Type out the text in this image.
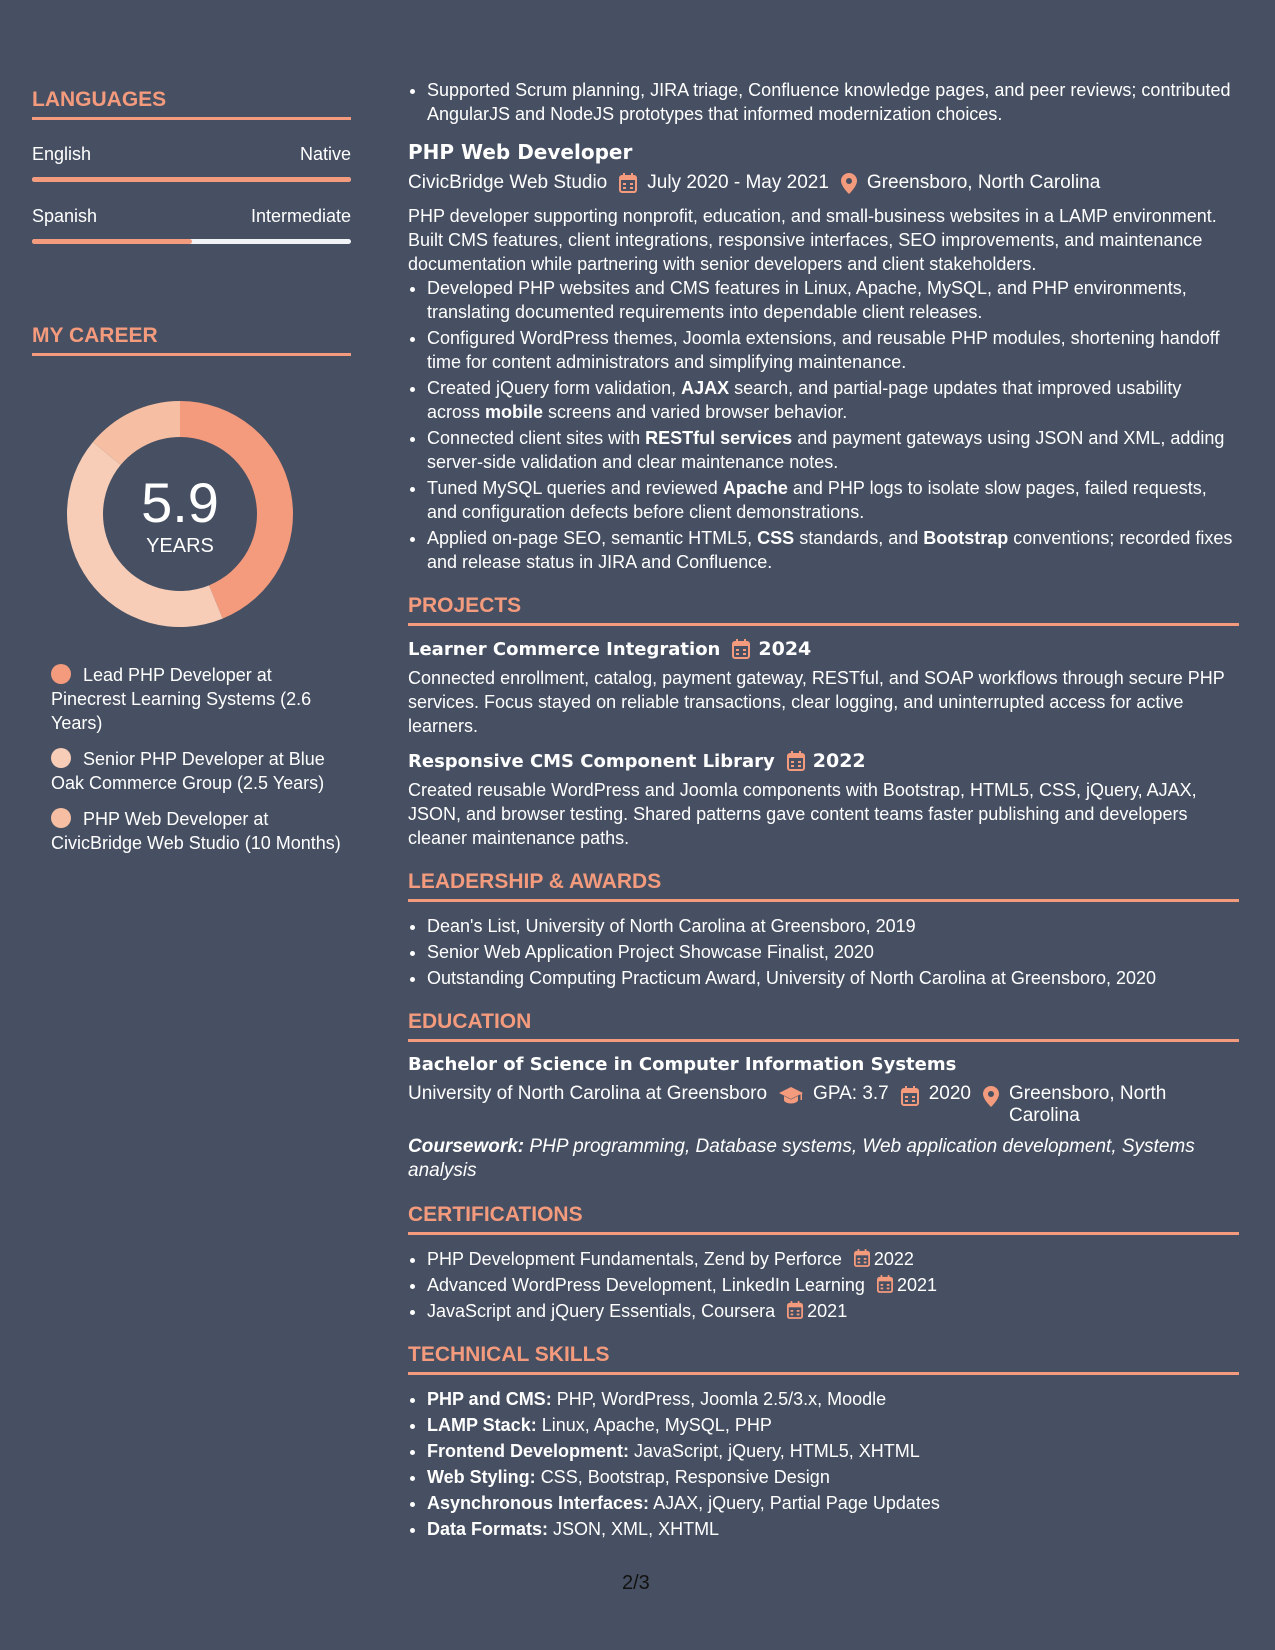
LANGUAGES
English	Native
Spanish	Intermediate
MY CAREER
5.9
YEARS
Lead PHP Developer at Pinecrest Learning Systems (2.6 Years)
Senior PHP Developer at Blue Oak Commerce Group (2.5 Years)
PHP Web Developer at CivicBridge Web Studio (10 Months)
• Supported Scrum planning, JIRA triage, Confluence knowledge pages, and peer reviews; contributed AngularJS and NodeJS prototypes that informed modernization choices.
PHP Web Developer
CivicBridge Web Studio July 2020 - May 2021 Greensboro, North Carolina
PHP developer supporting nonprofit, education, and small-business websites in a LAMP environment. Built CMS features, client integrations, responsive interfaces, SEO improvements, and maintenance documentation while partnering with senior developers and client stakeholders.
• Developed PHP websites and CMS features in Linux, Apache, MySQL, and PHP environments, translating documented requirements into dependable client releases.
• Configured WordPress themes, Joomla extensions, and reusable PHP modules, shortening handoff time for content administrators and simplifying maintenance.
• Created jQuery form validation, AJAX search, and partial-page updates that improved usability across mobile screens and varied browser behavior.
• Connected client sites with RESTful services and payment gateways using JSON and XML, adding server-side validation and clear maintenance notes.
• Tuned MySQL queries and reviewed Apache and PHP logs to isolate slow pages, failed requests, and configuration defects before client demonstrations.
• Applied on-page SEO, semantic HTML5, CSS standards, and Bootstrap conventions; recorded fixes and release status in JIRA and Confluence.
PROJECTS
Learner Commerce Integration 2024
Connected enrollment, catalog, payment gateway, RESTful, and SOAP workflows through secure PHP services. Focus stayed on reliable transactions, clear logging, and uninterrupted access for active learners.
Responsive CMS Component Library 2022
Created reusable WordPress and Joomla components with Bootstrap, HTML5, CSS, jQuery, AJAX, JSON, and browser testing. Shared patterns gave content teams faster publishing and developers cleaner maintenance paths.
LEADERSHIP & AWARDS
• Dean's List, University of North Carolina at Greensboro, 2019
• Senior Web Application Project Showcase Finalist, 2020
• Outstanding Computing Practicum Award, University of North Carolina at Greensboro, 2020
EDUCATION
Bachelor of Science in Computer Information Systems
University of North Carolina at Greensboro GPA: 3.7 2020 Greensboro, North Carolina
Coursework: PHP programming, Database systems, Web application development, Systems analysis
CERTIFICATIONS
• PHP Development Fundamentals, Zend by Perforce 2022
• Advanced WordPress Development, LinkedIn Learning 2021
• JavaScript and jQuery Essentials, Coursera 2021
TECHNICAL SKILLS
• PHP and CMS: PHP, WordPress, Joomla 2.5/3.x, Moodle
• LAMP Stack: Linux, Apache, MySQL, PHP
• Frontend Development: JavaScript, jQuery, HTML5, XHTML
• Web Styling: CSS, Bootstrap, Responsive Design
• Asynchronous Interfaces: AJAX, jQuery, Partial Page Updates
• Data Formats: JSON, XML, XHTML
2/3
